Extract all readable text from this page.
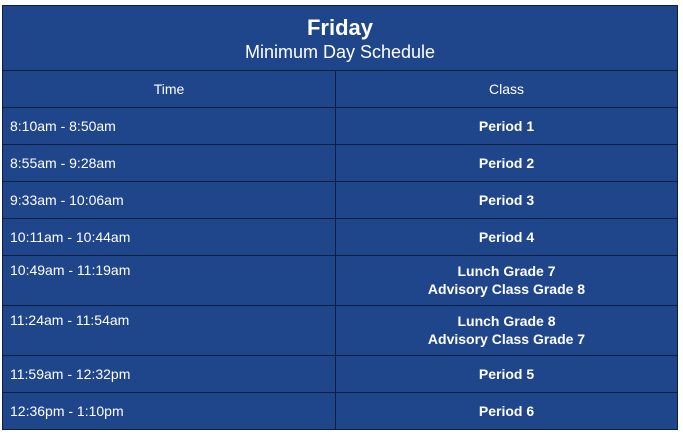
Friday
Minimum Day Schedule	

Time	Class
8:10am - 8:50am	Period 1

8:55am - 9:28am	Period 2

9:33am - 10:06am	Period 3

10:11am - 10:44am	Period 4

10:49am - 11:19am	Lunch Grade 7
Advisory Class Grade 8

11:24am - 11:54am	Lunch Grade 8
Advisory Class Grade 7

11:59am - 12:32pm	Period 5

12:36pm - 1:10pm	Period 6
